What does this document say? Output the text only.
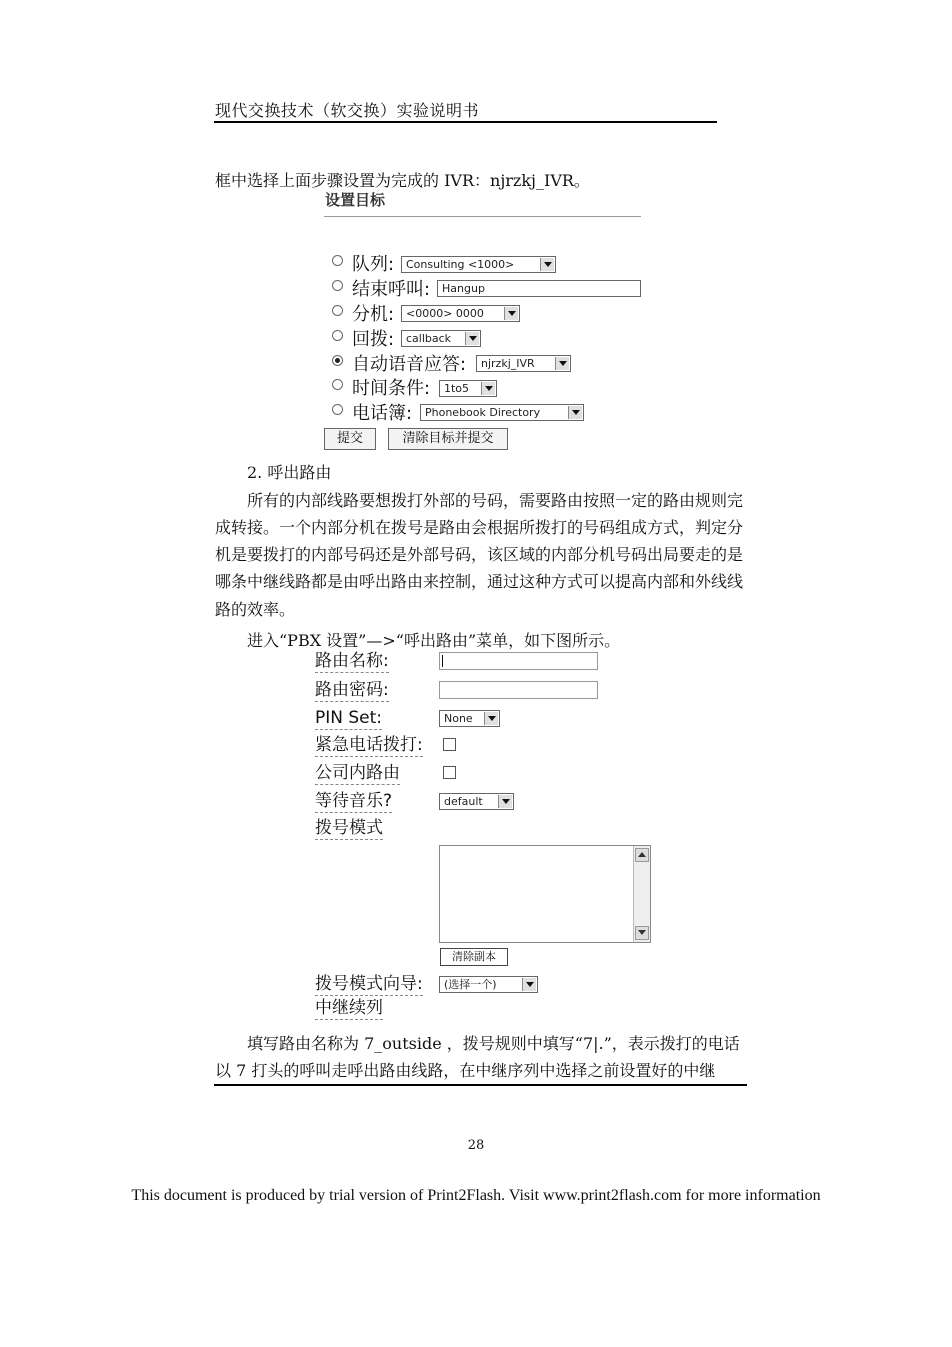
现代交换技术（软交换）实验说明书
框中选择上面步骤设置为完成的 IVR：njrzkj_IVR。
设置目标
队列:	Consulting <1000>
结束呼叫:	Hangup
分机:	<0000> 0000
回拨:	callback
自动语音应答:	njrzkj_IVR
时间条件:	1to5
电话簿:	Phonebook Directory
提交	清除目标并提交
2. 呼出路由
所有的内部线路要想拨打外部的号码，需要路由按照一定的路由规则完
成转接。一个内部分机在拨号是路由会根据所拨打的号码组成方式，判定分
机是要拨打的内部号码还是外部号码，该区域的内部分机号码出局要走的是
哪条中继线路都是由呼出路由来控制，通过这种方式可以提高内部和外线线
路的效率。
进入“PBX 设置”—>“呼出路由”菜单，如下图所示。
路由名称:
路由密码:
PIN Set:	None
紧急电话拨打:
公司内路由
等待音乐?	default
拨号模式
清除副本
拨号模式向导:	(选择一个)
中继续列
填写路由名称为 7_outside ，拨号规则中填写“7|.”，表示拨打的电话
以 7 打头的呼叫走呼出路由线路，在中继序列中选择之前设置好的中继
28
This document is produced by trial version of Print2Flash. Visit www.print2flash.com for more information
